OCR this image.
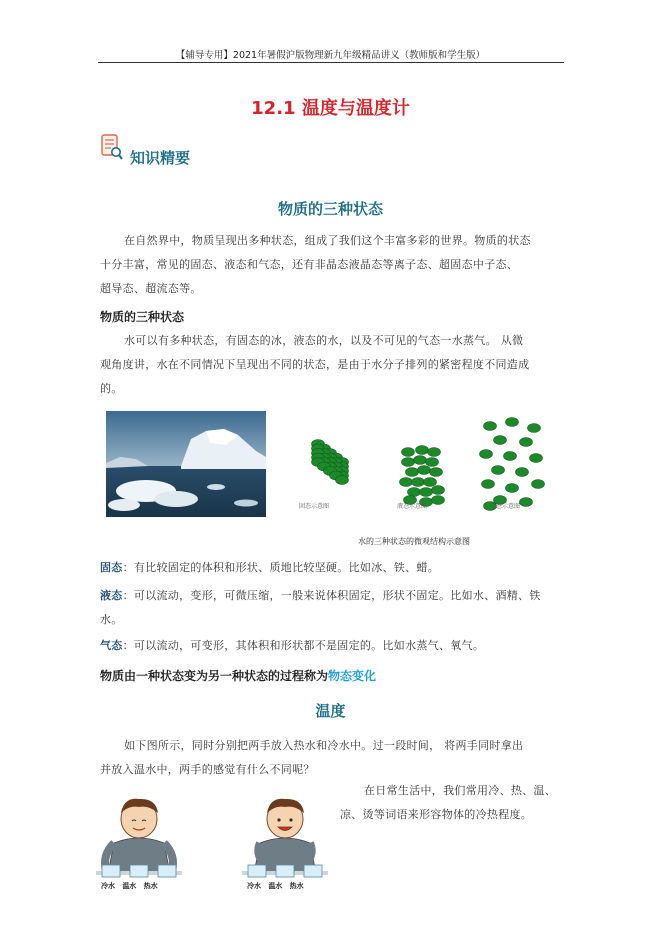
【辅导专用】2021年暑假沪版物理新九年级精品讲义（教师版和学生版）
12.1 温度与温度计
知识精要
物质的三种状态
在自然界中，物质呈现出多种状态，组成了我们这个丰富多彩的世界。物质的状态
十分丰富，常见的固态、液态和气态，还有非晶态液晶态等离子态、超固态中子态、
超导态、超流态等。
物质的三种状态
水可以有多种状态，有固态的冰，液态的水，以及不可见的气态一水蒸气。 从微
观角度讲，水在不同情况下呈现出不同的状态，是由于水分子排列的紧密程度不同造成
的。
固态示意图	液态示意图	气态示意图
水的三种状态的微观结构示意图
固态：有比较固定的体积和形状、质地比较坚硬。比如冰、铁、蜡。
液态：可以流动，变形，可微压缩，一般来说体积固定，形状不固定。比如水、酒精、铁
水。
气态：可以流动，可变形，其体积和形状都不是固定的。比如水蒸气、氧气。
物质由一种状态变为另一种状态的过程称为物态变化
温度
如下图所示，同时分别把两手放入热水和冷水中。过一段时间， 将两手同时拿出
并放入温水中，两手的感觉有什么不同呢？
在日常生活中，我们常用冷、热、温、
凉、烫等词语来形容物体的冷热程度。
冷水 温水 热水	冷水 温水 热水
